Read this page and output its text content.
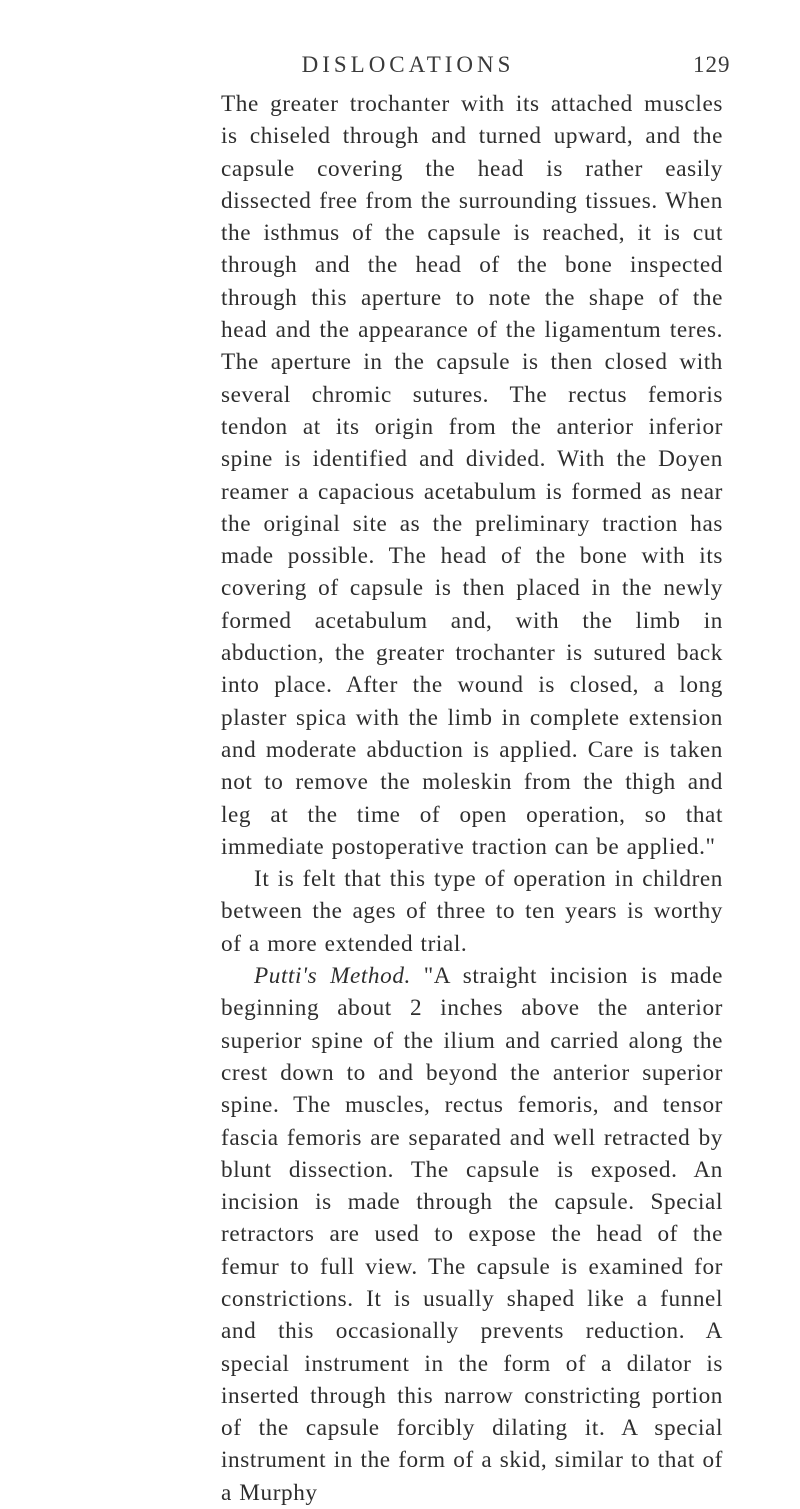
DISLOCATIONS	129

The greater trochanter with its attached muscles is chiseled through and turned upward, and the capsule covering the head is rather easily dissected free from the surrounding tissues. When the isthmus of the capsule is reached, it is cut through and the head of the bone inspected through this aperture to note the shape of the head and the appearance of the ligamentum teres. The aperture in the capsule is then closed with several chromic sutures. The rectus femoris tendon at its origin from the anterior inferior spine is identified and divided. With the Doyen reamer a capacious acetabulum is formed as near the original site as the preliminary traction has made possible. The head of the bone with its covering of capsule is then placed in the newly formed acetabulum and, with the limb in abduction, the greater trochanter is sutured back into place. After the wound is closed, a long plaster spica with the limb in complete extension and moderate abduction is applied. Care is taken not to remove the moleskin from the thigh and leg at the time of open operation, so that immediate postoperative traction can be applied."

It is felt that this type of operation in children between the ages of three to ten years is worthy of a more extended trial.

Putti's Method. "A straight incision is made beginning about 2 inches above the anterior superior spine of the ilium and carried along the crest down to and beyond the anterior superior spine. The muscles, rectus femoris, and tensor fascia femoris are separated and well retracted by blunt dissection. The capsule is exposed. An incision is made through the capsule. Special retractors are used to expose the head of the femur to full view. The capsule is examined for constrictions. It is usually shaped like a funnel and this occasionally prevents reduction. A special instrument in the form of a dilator is inserted through this narrow constricting portion of the capsule forcibly dilating it. A special instrument in the form of a skid, similar to that of a Murphy
